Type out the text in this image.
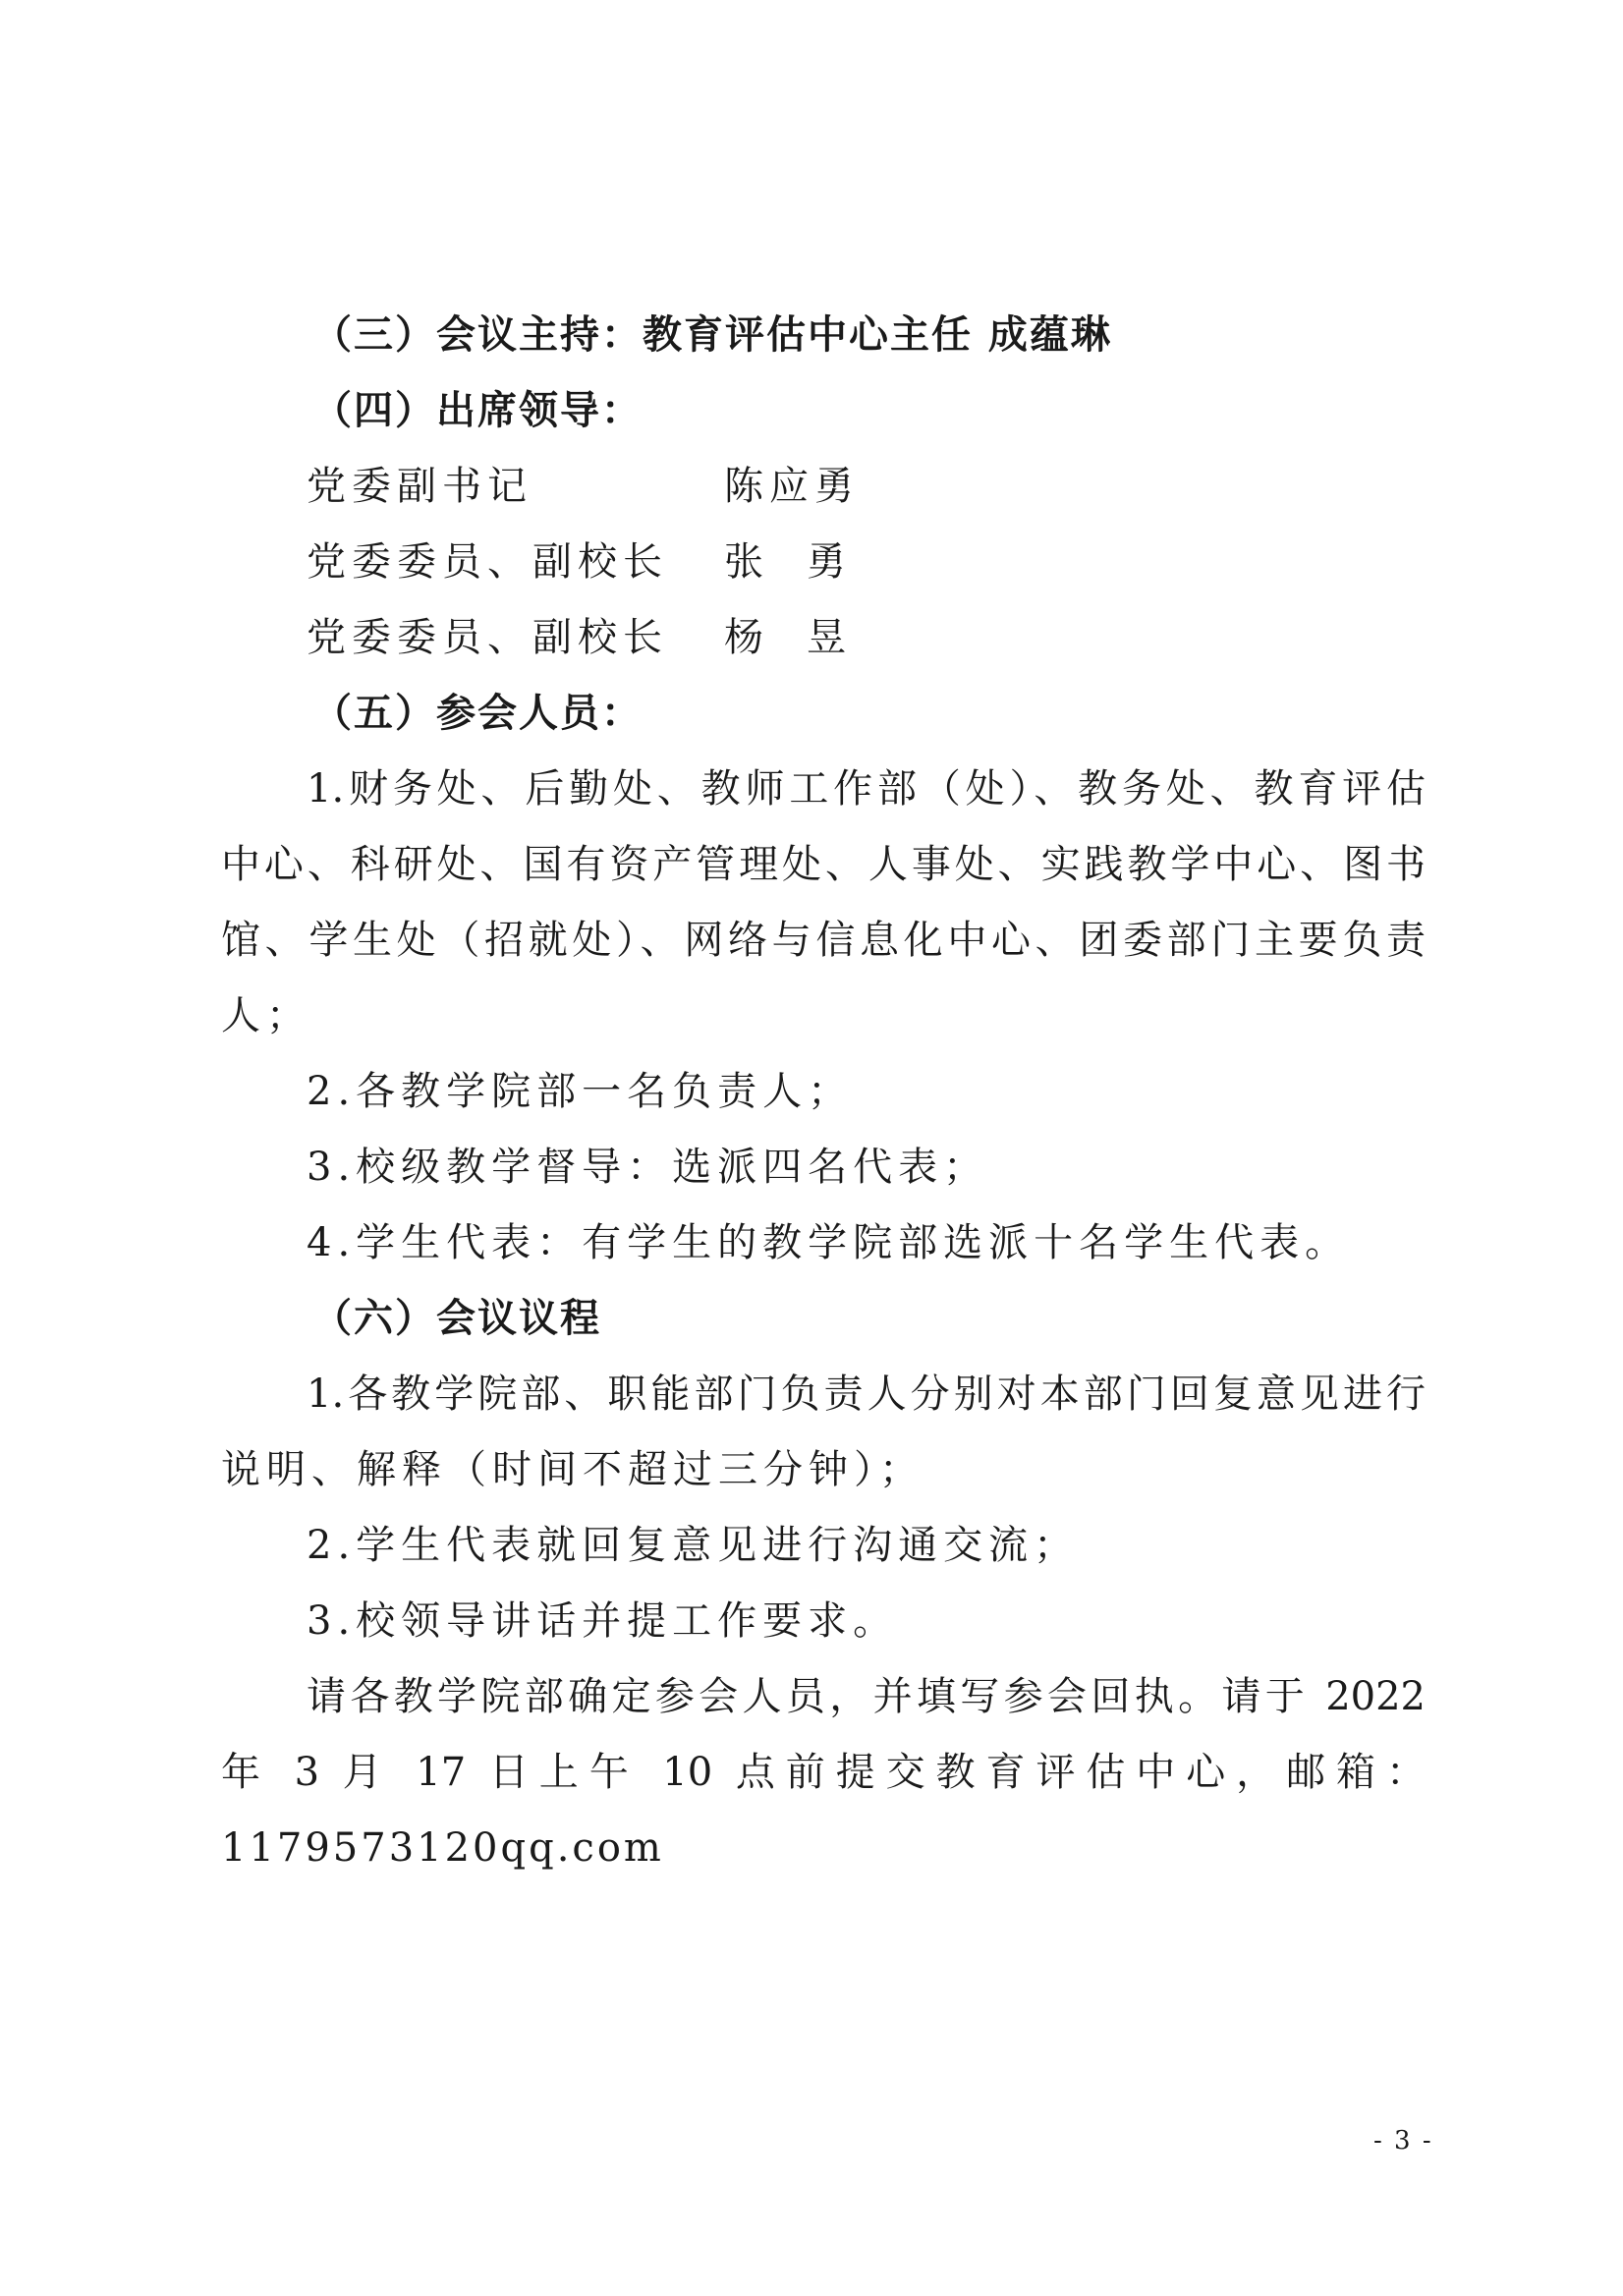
（三）会议主持：教育评估中心主任 成蕴琳
（四）出席领导：
党委副书记	陈应勇
党委委员、副校长 张勇
党委委员、副校长 杨昱
（五）参会人员：
1.财务处、后勤处、教师工作部（处）、教务处、教育评估
中心、科研处、国有资产管理处、人事处、实践教学中心、图书
馆、学生处（招就处）、网络与信息化中心、团委部门主要负责
人；
2.各教学院部一名负责人；
3.校级教学督导：选派四名代表；
4.学生代表：有学生的教学院部选派十名学生代表。
（六）会议议程
1.各教学院部、职能部门负责人分别对本部门回复意见进行
说明、解释（时间不超过三分钟）；
2.学生代表就回复意见进行沟通交流；
3.校领导讲话并提工作要求。
请各教学院部确定参会人员，并填写参会回执。请于 2022
年 3 月 17 日上午 10 点前提交教育评估中心，邮箱：
1179573120qq.com
- 3 -
